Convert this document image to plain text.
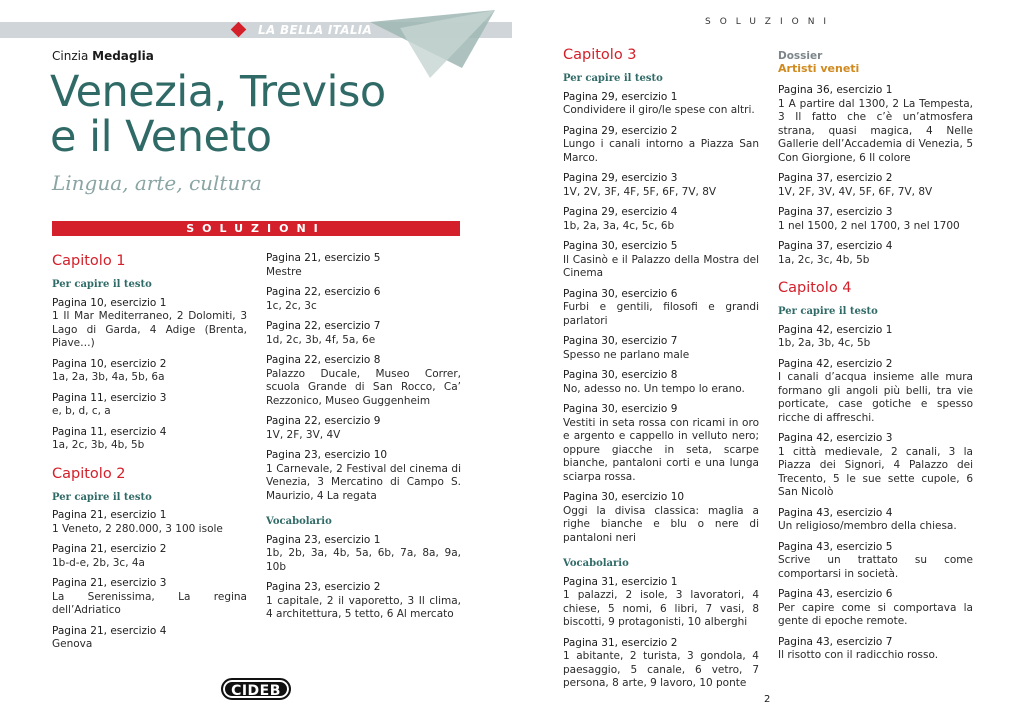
LA BELLA ITALIA
SOLUZIONI
Cinzia Medaglia
Venezia, Treviso
e il Veneto
Lingua, arte, cultura
SOLUZIONI
Capitolo 1
Per capire il testo
Pagina 10, esercizio 1
1 Il Mar Mediterraneo, 2 Dolomiti, 3 Lago di Garda, 4 Adige (Brenta, Piave…)
Pagina 10, esercizio 2
1a, 2a, 3b, 4a, 5b, 6a
Pagina 11, esercizio 3
e, b, d, c, a
Pagina 11, esercizio 4
1a, 2c, 3b, 4b, 5b
Capitolo 2
Per capire il testo
Pagina 21, esercizio 1
1 Veneto, 2 280.000, 3 100 isole
Pagina 21, esercizio 2
1b-d-e, 2b, 3c, 4a
Pagina 21, esercizio 3
La Serenissima, La regina dell’Adriatico
Pagina 21, esercizio 4
Genova
Pagina 21, esercizio 5
Mestre
Pagina 22, esercizio 6
1c, 2c, 3c
Pagina 22, esercizio 7
1d, 2c, 3b, 4f, 5a, 6e
Pagina 22, esercizio 8
Palazzo Ducale, Museo Correr, scuola Grande di San Rocco, Ca’ Rezzonico, Museo Guggenheim
Pagina 22, esercizio 9
1V, 2F, 3V, 4V
Pagina 23, esercizio 10
1 Carnevale, 2 Festival del cinema di Venezia, 3 Mercatino di Campo S. Maurizio, 4 La regata
Vocabolario
Pagina 23, esercizio 1
1b, 2b, 3a, 4b, 5a, 6b, 7a, 8a, 9a, 10b
Pagina 23, esercizio 2
1 capitale, 2 il vaporetto, 3 Il clima, 4 architettura, 5 tetto, 6 Al mercato
Capitolo 3
Per capire il testo
Pagina 29, esercizio 1
Condividere il giro/le spese con altri.
Pagina 29, esercizio 2
Lungo i canali intorno a Piazza San Marco.
Pagina 29, esercizio 3
1V, 2V, 3F, 4F, 5F, 6F, 7V, 8V
Pagina 29, esercizio 4
1b, 2a, 3a, 4c, 5c, 6b
Pagina 30, esercizio 5
Il Casinò e il Palazzo della Mostra del Cinema
Pagina 30, esercizio 6
Furbi e gentili, filosofi e grandi parlatori
Pagina 30, esercizio 7
Spesso ne parlano male
Pagina 30, esercizio 8
No, adesso no. Un tempo lo erano.
Pagina 30, esercizio 9
Vestiti in seta rossa con ricami in oro e argento e cappello in velluto nero; oppure giacche in seta, scarpe bianche, pantaloni corti e una lunga sciarpa rossa.
Pagina 30, esercizio 10
Oggi la divisa classica: maglia a righe bianche e blu o nere di pantaloni neri
Vocabolario
Pagina 31, esercizio 1
1 palazzi, 2 isole, 3 lavoratori, 4 chiese, 5 nomi, 6 libri, 7 vasi, 8 biscotti, 9 protagonisti, 10 alberghi
Pagina 31, esercizio 2
1 abitante, 2 turista, 3 gondola, 4 paesaggio, 5 canale, 6 vetro, 7 persona, 8 arte, 9 lavoro, 10 ponte
Dossier
Artisti veneti
Pagina 36, esercizio 1
1 A partire dal 1300, 2 La Tempesta, 3 Il fatto che c’è un’atmosfera strana, quasi magica, 4 Nelle Gallerie dell’Accademia di Venezia, 5 Con Giorgione, 6 Il colore
Pagina 37, esercizio 2
1V, 2F, 3V, 4V, 5F, 6F, 7V, 8V
Pagina 37, esercizio 3
1 nel 1500, 2 nel 1700, 3 nel 1700
Pagina 37, esercizio 4
1a, 2c, 3c, 4b, 5b
Capitolo 4
Per capire il testo
Pagina 42, esercizio 1
1b, 2a, 3b, 4c, 5b
Pagina 42, esercizio 2
I canali d’acqua insieme alle mura formano gli angoli più belli, tra vie porticate, case gotiche e spesso ricche di affreschi.
Pagina 42, esercizio 3
1 città medievale, 2 canali, 3 la Piazza dei Signori, 4 Palazzo dei Trecento, 5 le sue sette cupole, 6 San Nicolò
Pagina 43, esercizio 4
Un religioso/membro della chiesa.
Pagina 43, esercizio 5
Scrive un trattato su come comportarsi in società.
Pagina 43, esercizio 6
Per capire come si comportava la gente di epoche remote.
Pagina 43, esercizio 7
Il risotto con il radicchio rosso.
CIDEB
2
